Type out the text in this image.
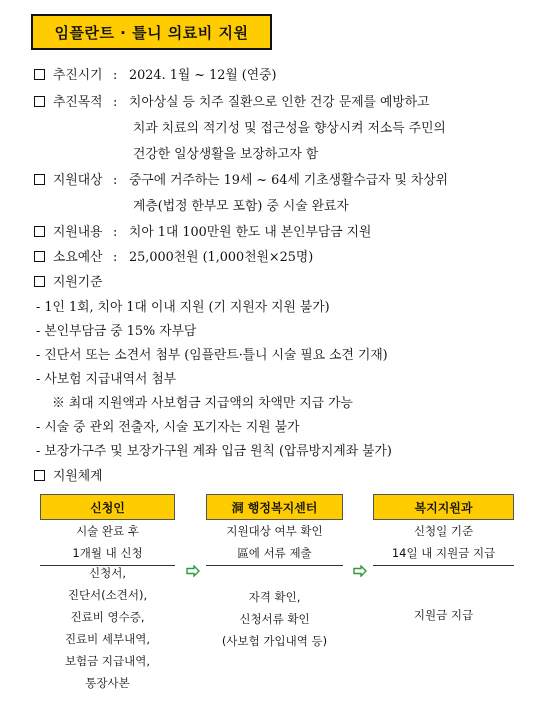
임플란트 · 틀니 의료비 지원
추진시기 : 2024. 1월 ~ 12월 (연중)
추진목적 : 치아상실 등 치주 질환으로 인한 건강 문제를 예방하고
치과 치료의 적기성 및 접근성을 향상시켜 저소득 주민의
건강한 일상생활을 보장하고자 함
지원대상 : 중구에 거주하는 19세 ~ 64세 기초생활수급자 및 차상위
계층(법정 한부모 포함) 중 시술 완료자
지원내용 : 치아 1대 100만원 한도 내 본인부담금 지원
소요예산 : 25,000천원 (1,000천원×25명)
지원기준
- 1인 1회, 치아 1대 이내 지원 (기 지원자 지원 불가)
- 본인부담금 중 15% 자부담
- 진단서 또는 소견서 첨부 (임플란트·틀니 시술 필요 소견 기재)
- 사보험 지급내역서 첨부
※ 최대 지원액과 사보험금 지급액의 차액만 지급 가능
- 시술 중 관외 전출자, 시술 포기자는 지원 불가
- 보장가구주 및 보장가구원 계좌 입금 원칙 (압류방지계좌 불가)
지원체계
신청인
시술 완료 후
1개월 내 신청
신청서,
진단서(소견서),
진료비 영수증,
진료비 세부내역,
보험금 지급내역,
통장사본
洞 행정복지센터
지원대상 여부 확인
區에 서류 제출
자격 확인,
신청서류 확인
(사보험 가입내역 등)
복지지원과
신청일 기준
14일 내 지원금 지급
지원금 지급
